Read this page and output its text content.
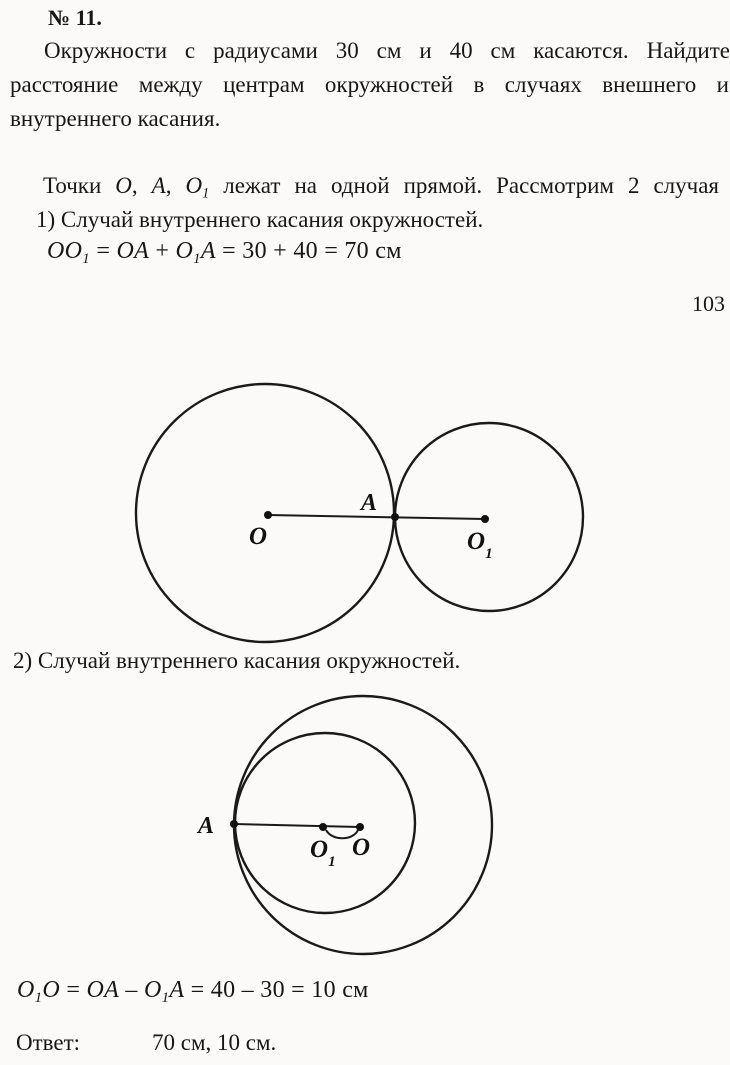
№ 11.
Окружности с радиусами 30 см и 40 см касаются. Найдите
расстояние между центрам окружностей в случаях внешнего и
внутреннего касания.
Точки O, A, $O_1$ лежат на одной прямой. Рассмотрим 2 случая
1) Случай внутреннего касания окружностей.
$OO_1$ = OA + $O_1A = 30 + 40 = 70$ см
103
A
O	$O_1$
2) Случай внутреннего касания окружностей.
A
$O_1$
O
$O_1O$ = OA – $O_1A = 40 - 30 = 10$ см
Ответ:	70 см, 10 см.
